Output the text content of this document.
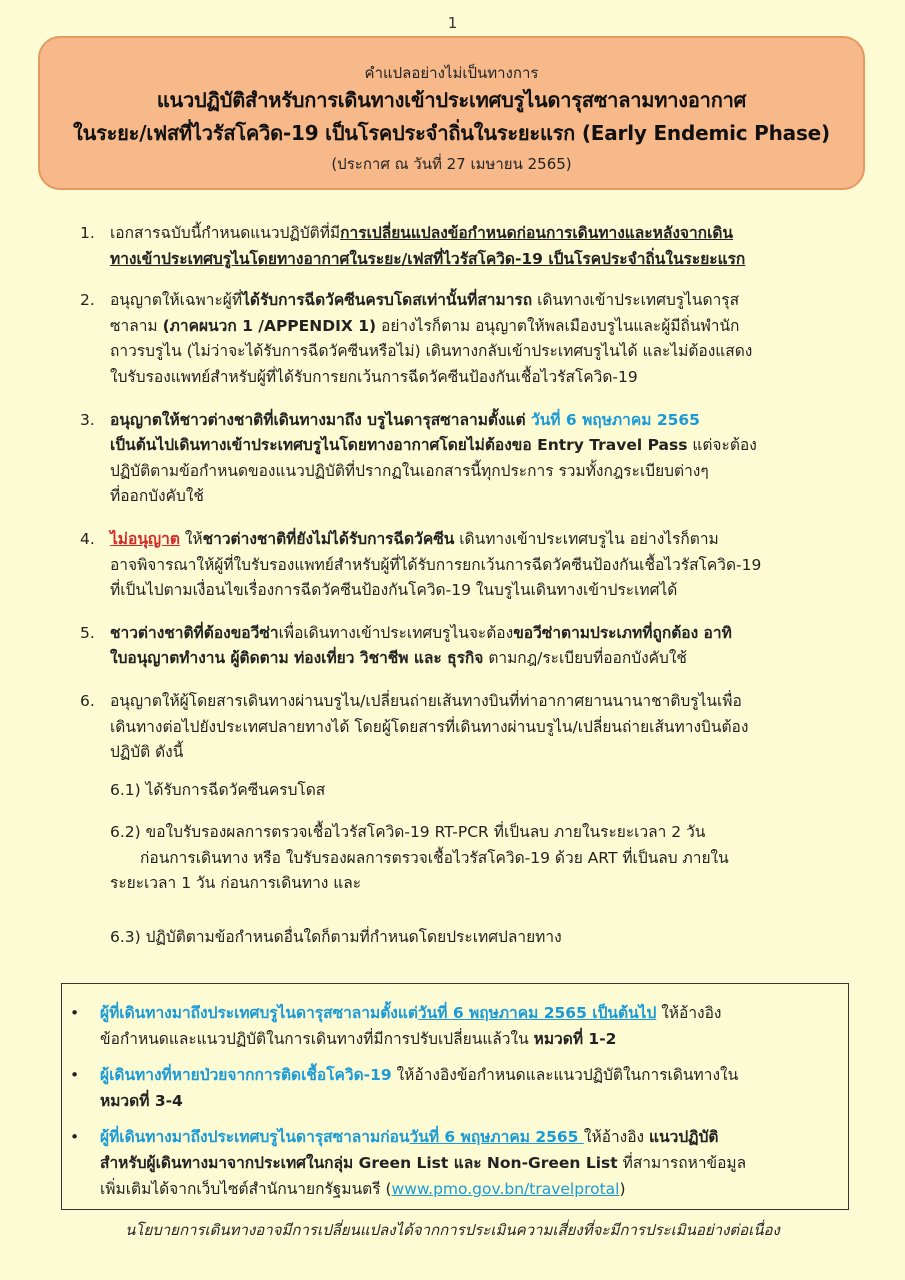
1
คำแปลอย่างไม่เป็นทางการ
แนวปฏิบัติสำหรับการเดินทางเข้าประเทศบรูไนดารุสซาลามทางอากาศ
ในระยะ/เฟสที่ไวรัสโควิด-19 เป็นโรคประจำถิ่นในระยะแรก (Early Endemic Phase)
(ประกาศ ณ วันที่ 27 เมษายน 2565)
1. เอกสารฉบับนี้กำหนดแนวปฏิบัติที่มีการเปลี่ยนแปลงข้อกำหนดก่อนการเดินทางและหลังจากเดิน
ทางเข้าประเทศบรูไนโดยทางอากาศในระยะ/เฟสที่ไวรัสโควิด-19 เป็นโรคประจำถิ่นในระยะแรก
2. อนุญาตให้เฉพาะผู้ที่ได้รับการฉีดวัคซีนครบโดสเท่านั้นที่สามารถ เดินทางเข้าประเทศบรูไนดารุส
ซาลาม (ภาคผนวก 1 /APPENDIX 1) อย่างไรก็ตาม อนุญาตให้พลเมืองบรูไนและผู้มีถิ่นพำนัก
ถาวรบรูไน (ไม่ว่าจะได้รับการฉีดวัคซีนหรือไม่) เดินทางกลับเข้าประเทศบรูไนได้ และไม่ต้องแสดง
ใบรับรองแพทย์สำหรับผู้ที่ได้รับการยกเว้นการฉีดวัคซีนป้องกันเชื้อไวรัสโควิด-19
3. อนุญาตให้ชาวต่างชาติที่เดินทางมาถึง บรูไนดารุสซาลามตั้งแต่ วันที่ 6 พฤษภาคม 2565
เป็นต้นไปเดินทางเข้าประเทศบรูไนโดยทางอากาศโดยไม่ต้องขอ Entry Travel Pass แต่จะต้อง
ปฏิบัติตามข้อกำหนดของแนวปฏิบัติที่ปรากฏในเอกสารนี้ทุกประการ รวมทั้งกฎระเบียบต่างๆ
ที่ออกบังคับใช้
4. ไม่อนุญาต ให้ชาวต่างชาติที่ยังไม่ได้รับการฉีดวัคซีน เดินทางเข้าประเทศบรูไน อย่างไรก็ตาม
อาจพิจารณาให้ผู้ที่ใบรับรองแพทย์สำหรับผู้ที่ได้รับการยกเว้นการฉีดวัคซีนป้องกันเชื้อไวรัสโควิด-19
ที่เป็นไปตามเงื่อนไขเรื่องการฉีดวัคซีนป้องกันโควิด-19 ในบรูไนเดินทางเข้าประเทศได้
5. ชาวต่างชาติที่ต้องขอวีซ่าเพื่อเดินทางเข้าประเทศบรูไนจะต้องขอวีซ่าตามประเภทที่ถูกต้อง อาทิ
ใบอนุญาตทำงาน ผู้ติดตาม ท่องเที่ยว วิชาชีพ และ ธุรกิจ ตามกฎ/ระเบียบที่ออกบังคับใช้
6. อนุญาตให้ผู้โดยสารเดินทางผ่านบรูไน/เปลี่ยนถ่ายเส้นทางบินที่ท่าอากาศยานนานาชาติบรูไนเพื่อ
เดินทางต่อไปยังประเทศปลายทางได้ โดยผู้โดยสารที่เดินทางผ่านบรูไน/เปลี่ยนถ่ายเส้นทางบินต้อง
ปฏิบัติ ดังนี้
6.1) ได้รับการฉีดวัคซีนครบโดส
6.2) ขอใบรับรองผลการตรวจเชื้อไวรัสโควิด-19 RT-PCR ที่เป็นลบ ภายในระยะเวลา 2 วัน
ก่อนการเดินทาง หรือ ใบรับรองผลการตรวจเชื้อไวรัสโควิด-19 ด้วย ART ที่เป็นลบ ภายใน
ระยะเวลา 1 วัน ก่อนการเดินทาง และ
6.3) ปฏิบัติตามข้อกำหนดอื่นใดก็ตามที่กำหนดโดยประเทศปลายทาง
• ผู้ที่เดินทางมาถึงประเทศบรูไนดารุสซาลามตั้งแต่วันที่ 6 พฤษภาคม 2565 เป็นต้นไป ให้อ้างอิง
ข้อกำหนดและแนวปฏิบัติในการเดินทางที่มีการปรับเปลี่ยนแล้วใน หมวดที่ 1-2
• ผู้เดินทางที่หายป่วยจากการติดเชื้อโควิด-19 ให้อ้างอิงข้อกำหนดและแนวปฏิบัติในการเดินทางใน
หมวดที่ 3-4
• ผู้ที่เดินทางมาถึงประเทศบรูไนดารุสซาลามก่อนวันที่ 6 พฤษภาคม 2565 ให้อ้างอิง แนวปฏิบัติ
สำหรับผู้เดินทางมาจากประเทศในกลุ่ม Green List และ Non-Green List ที่สามารถหาข้อมูล
เพิ่มเติมได้จากเว็บไซต์สำนักนายกรัฐมนตรี (www.pmo.gov.bn/travelprotal)
นโยบายการเดินทางอาจมีการเปลี่ยนแปลงได้จากการประเมินความเสี่ยงที่จะมีการประเมินอย่างต่อเนื่อง
